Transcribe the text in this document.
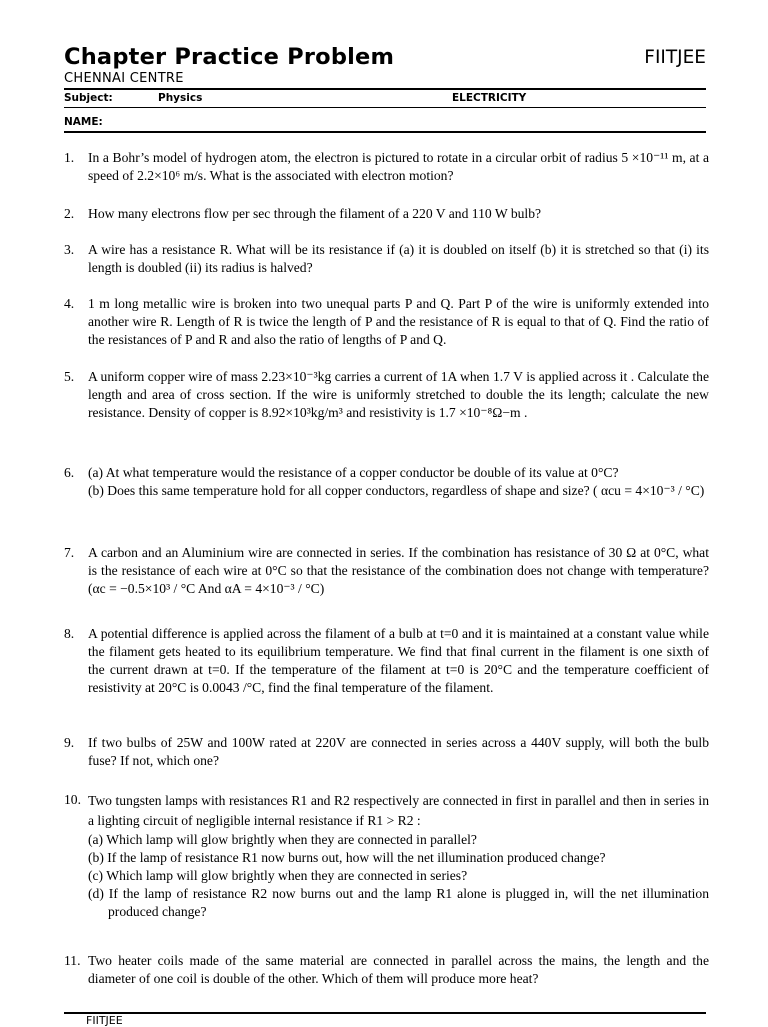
Chapter Practice Problem	FIITJEE
CHENNAI CENTRE
Subject:	Physics	ELECTRICITY
NAME:
1. In a Bohr’s model of hydrogen atom, the electron is pictured to rotate in a circular orbit of radius 5 ×10⁻¹¹ m, at a speed of 2.2×10⁶ m/s. What is the associated with electron motion?
2. How many electrons flow per sec through the filament of a 220 V and 110 W bulb?
3. A wire has a resistance R. What will be its resistance if (a) it is doubled on itself (b) it is stretched so that (i) its length is doubled (ii) its radius is halved?
4. 1 m long metallic wire is broken into two unequal parts P and Q. Part P of the wire is uniformly extended into another wire R. Length of R is twice the length of P and the resistance of R is equal to that of Q. Find the ratio of the resistances of P and R and also the ratio of lengths of P and Q.
5. A uniform copper wire of mass 2.23×10⁻³kg carries a current of 1A when 1.7 V is applied across it . Calculate the length and area of cross section. If the wire is uniformly stretched to double the its length; calculate the new resistance. Density of copper is 8.92×10³kg/m³ and resistivity is 1.7 ×10⁻⁸Ω−m .
6. (a) At what temperature would the resistance of a copper conductor be double of its value at 0°C?
(b) Does this same temperature hold for all copper conductors, regardless of shape and size? ( αcu = 4×10⁻³ / °C)
7. A carbon and an Aluminium wire are connected in series. If the combination has resistance of 30 Ω at 0°C, what is the resistance of each wire at 0°C so that the resistance of the combination does not change with temperature? (αc = −0.5×10³ / °C And αA = 4×10⁻³ / °C)
8. A potential difference is applied across the filament of a bulb at t=0 and it is maintained at a constant value while the filament gets heated to its equilibrium temperature. We find that final current in the filament is one sixth of the current drawn at t=0. If the temperature of the filament at t=0 is 20°C and the temperature coefficient of resistivity at 20°C is 0.0043 /°C, find the final temperature of the filament.
9. If two bulbs of 25W and 100W rated at 220V are connected in series across a 440V supply, will both the bulb fuse? If not, which one?
10. Two tungsten lamps with resistances R1 and R2 respectively are connected in first in parallel and then in series in a lighting circuit of negligible internal resistance if R1 > R2 :
(a) Which lamp will glow brightly when they are connected in parallel?
(b) If the lamp of resistance R1 now burns out, how will the net illumination produced change?
(c) Which lamp will glow brightly when they are connected in series?
(d) If the lamp of resistance R2 now burns out and the lamp R1 alone is plugged in, will the net illumination produced change?
11. Two heater coils made of the same material are connected in parallel across the mains, the length and the diameter of one coil is double of the other. Which of them will produce more heat?
FIITJEE
